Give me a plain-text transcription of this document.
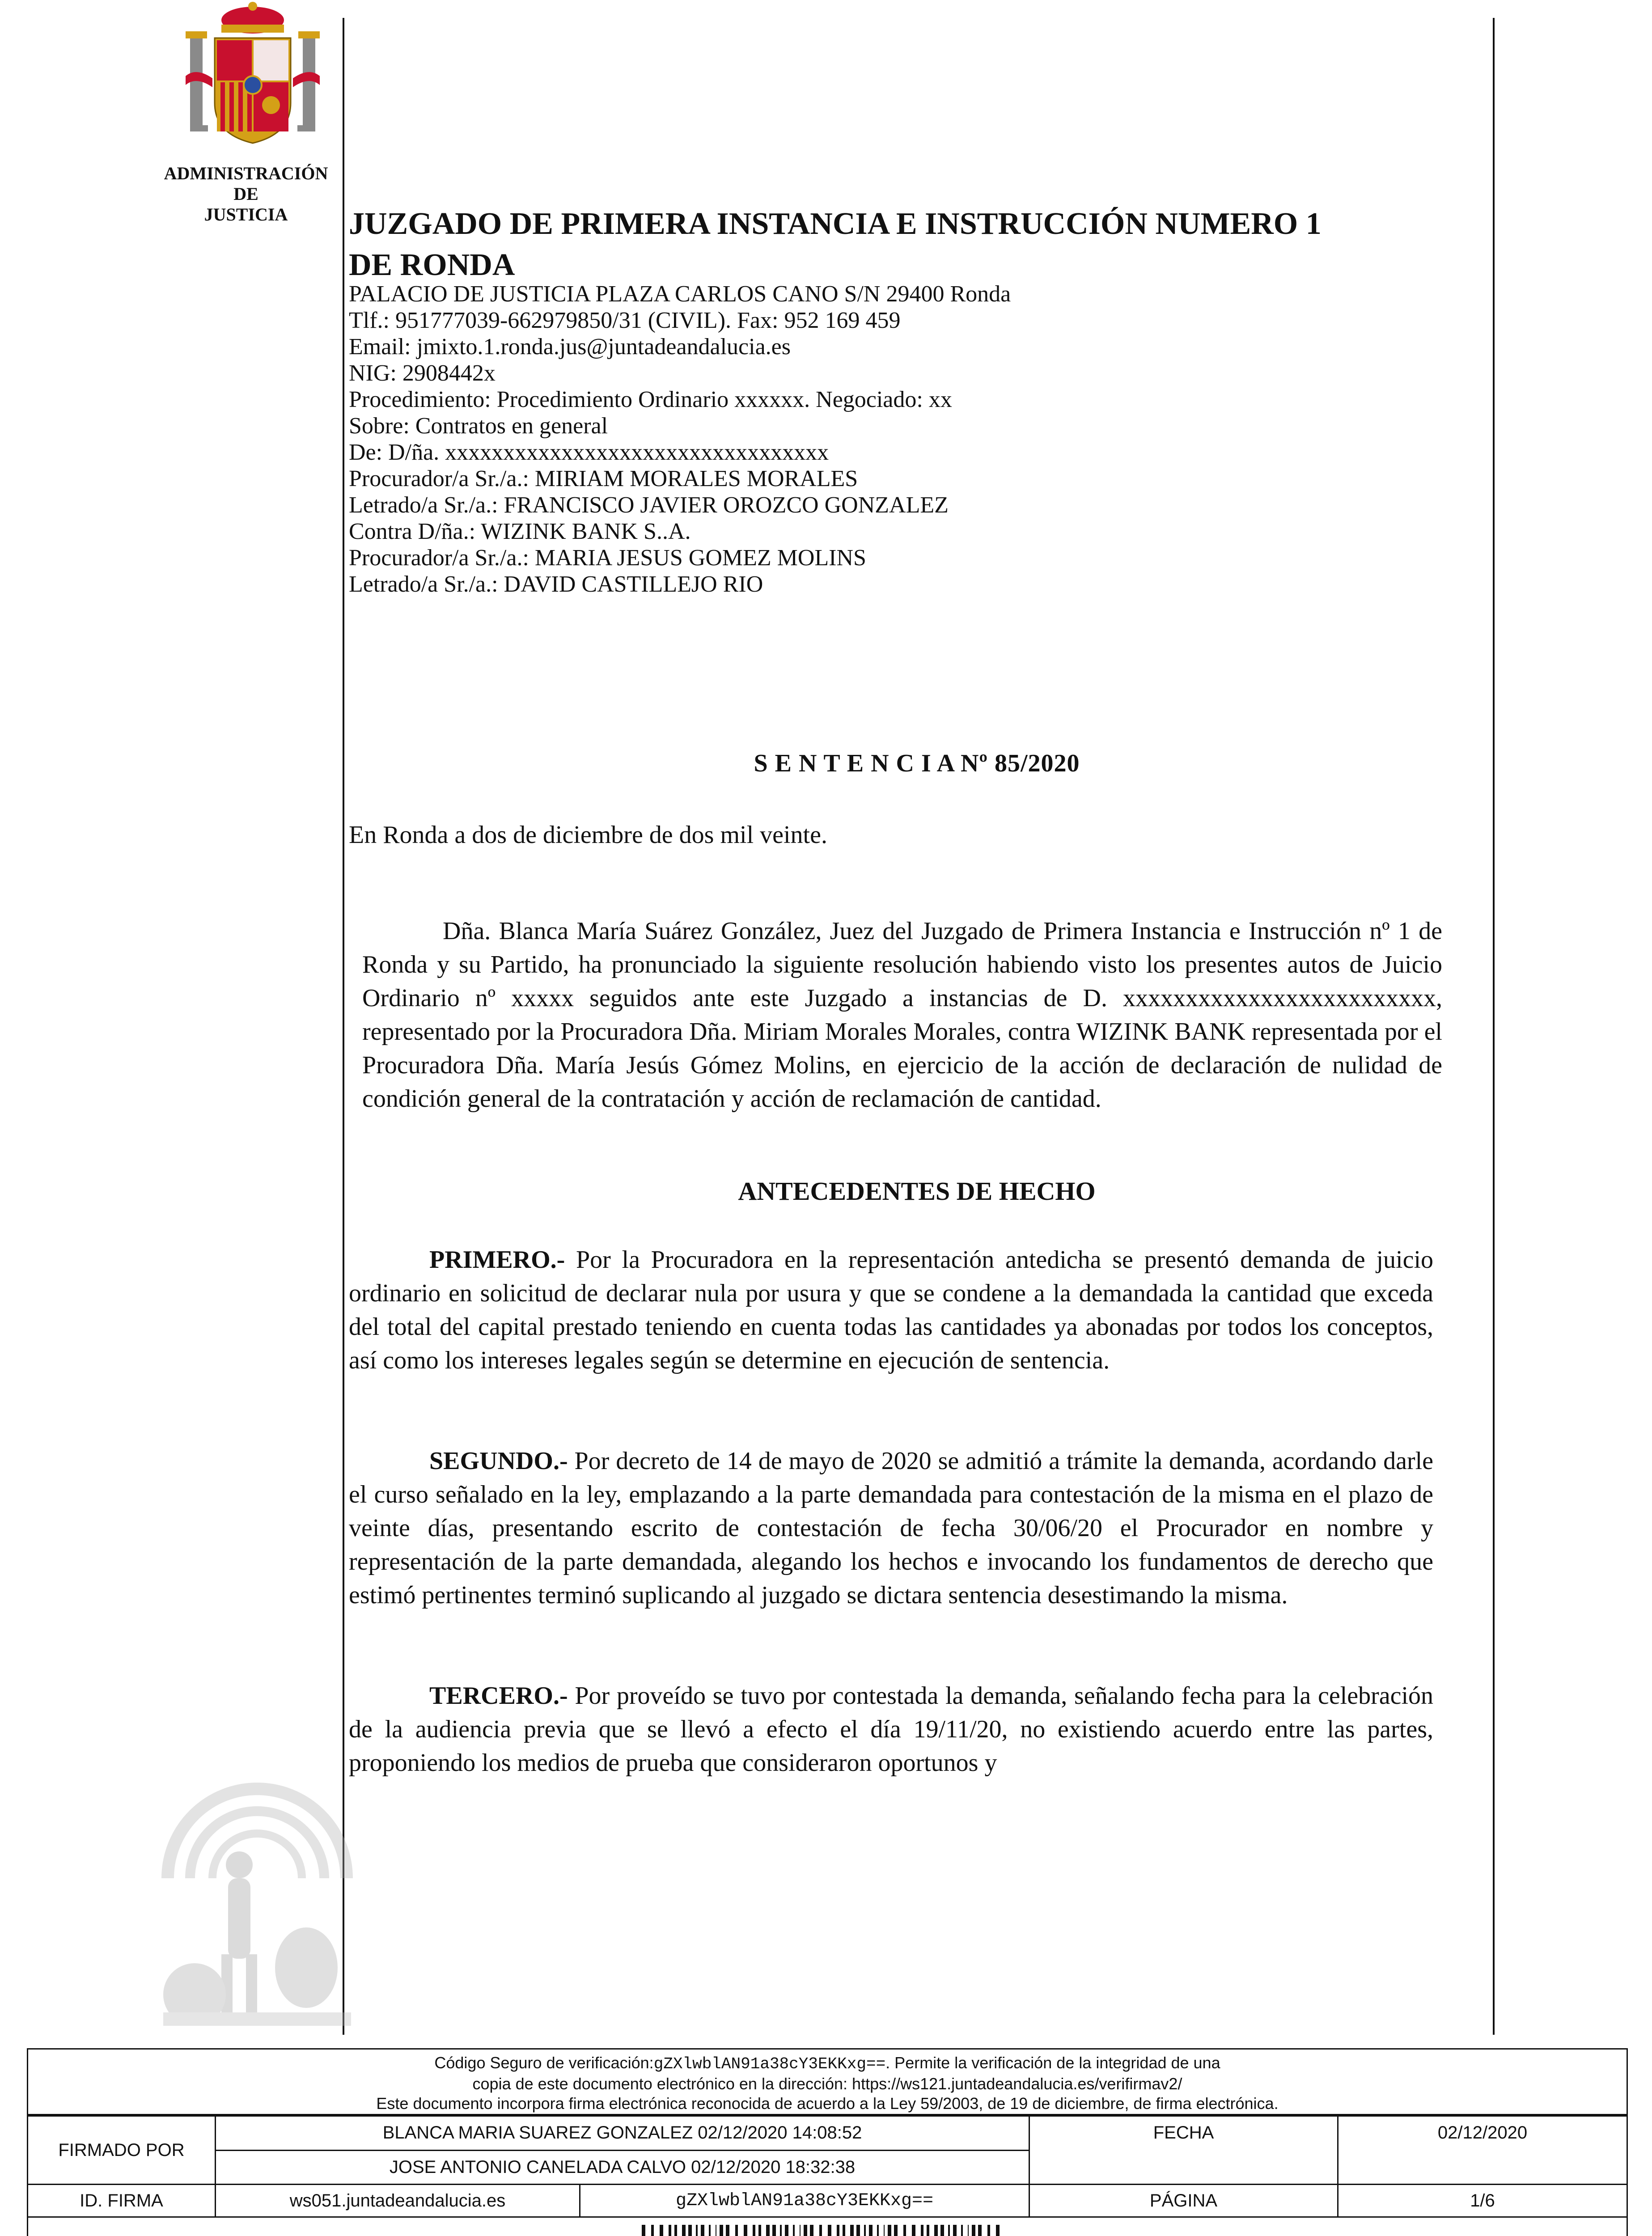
ADMINISTRACIÓN
DE
JUSTICIA	JUZGADO DE PRIMERA INSTANCIA E INSTRUCCIÓN NUMERO 1
DE RONDA
PALACIO DE JUSTICIA PLAZA CARLOS CANO S/N 29400 Ronda
Tlf.: 951777039-662979850/31 (CIVIL). Fax: 952 169 459
Email: jmixto.1.ronda.jus@juntadeandalucia.es
NIG: 2908442x
Procedimiento: Procedimiento Ordinario xxxxxx. Negociado: xx
Sobre: Contratos en general
De: D/ña. xxxxxxxxxxxxxxxxxxxxxxxxxxxxxxxxx
Procurador/a Sr./a.: MIRIAM MORALES MORALES
Letrado/a Sr./a.: FRANCISCO JAVIER OROZCO GONZALEZ
Contra D/ña.: WIZINK BANK S..A.
Procurador/a Sr./a.: MARIA JESUS GOMEZ MOLINS
Letrado/a Sr./a.: DAVID CASTILLEJO RIO
S E N T E N C I A Nº 85/2020
En Ronda a dos de diciembre de dos mil veinte.
Dña. Blanca María Suárez González, Juez del Juzgado de Primera Instancia e Instrucción nº 1 de Ronda y su Partido, ha pronunciado la siguiente resolución habiendo visto los presentes autos de Juicio Ordinario nº xxxxx seguidos ante este Juzgado a instancias de D. xxxxxxxxxxxxxxxxxxxxxxxxx, representado por la Procuradora Dña. Miriam Morales Morales, contra WIZINK BANK representada por el Procuradora Dña. María Jesús Gómez Molins, en ejercicio de la acción de declaración de nulidad de condición general de la contratación y acción de reclamación de cantidad.
ANTECEDENTES DE HECHO
PRIMERO.- Por la Procuradora en la representación antedicha se presentó demanda de juicio ordinario en solicitud de declarar nula por usura y que se condene a la demandada la cantidad que exceda del total del capital prestado teniendo en cuenta todas las cantidades ya abonadas por todos los conceptos, así como los intereses legales según se determine en ejecución de sentencia.
SEGUNDO.- Por decreto de 14 de mayo de 2020 se admitió a trámite la demanda, acordando darle el curso señalado en la ley, emplazando a la parte demandada para contestación de la misma en el plazo de veinte días, presentando escrito de contestación de fecha 30/06/20 el Procurador en nombre y representación de la parte demandada, alegando los hechos e invocando los fundamentos de derecho que estimó pertinentes terminó suplicando al juzgado se dictara sentencia desestimando la misma.
TERCERO.- Por proveído se tuvo por contestada la demanda, señalando fecha para la celebración de la audiencia previa que se llevó a efecto el día 19/11/20, no existiendo acuerdo entre las partes, proponiendo los medios de prueba que consideraron oportunos y
Código Seguro de verificación:gZXlwblAN91a38cY3EKKxg==. Permite la verificación de la integridad de una
copia de este documento electrónico en la dirección: https://ws121.juntadeandalucia.es/verifirmav2/
Este documento incorpora firma electrónica reconocida de acuerdo a la Ley 59/2003, de 19 de diciembre, de firma electrónica.
FIRMADO POR
BLANCA MARIA SUAREZ GONZALEZ 02/12/2020 14:08:52
JOSE ANTONIO CANELADA CALVO 02/12/2020 18:32:38
FECHA	02/12/2020
ID. FIRMA	ws051.juntadeandalucia.es	gZXlwblAN91a38cY3EKKxg==	PÁGINA	1/6
